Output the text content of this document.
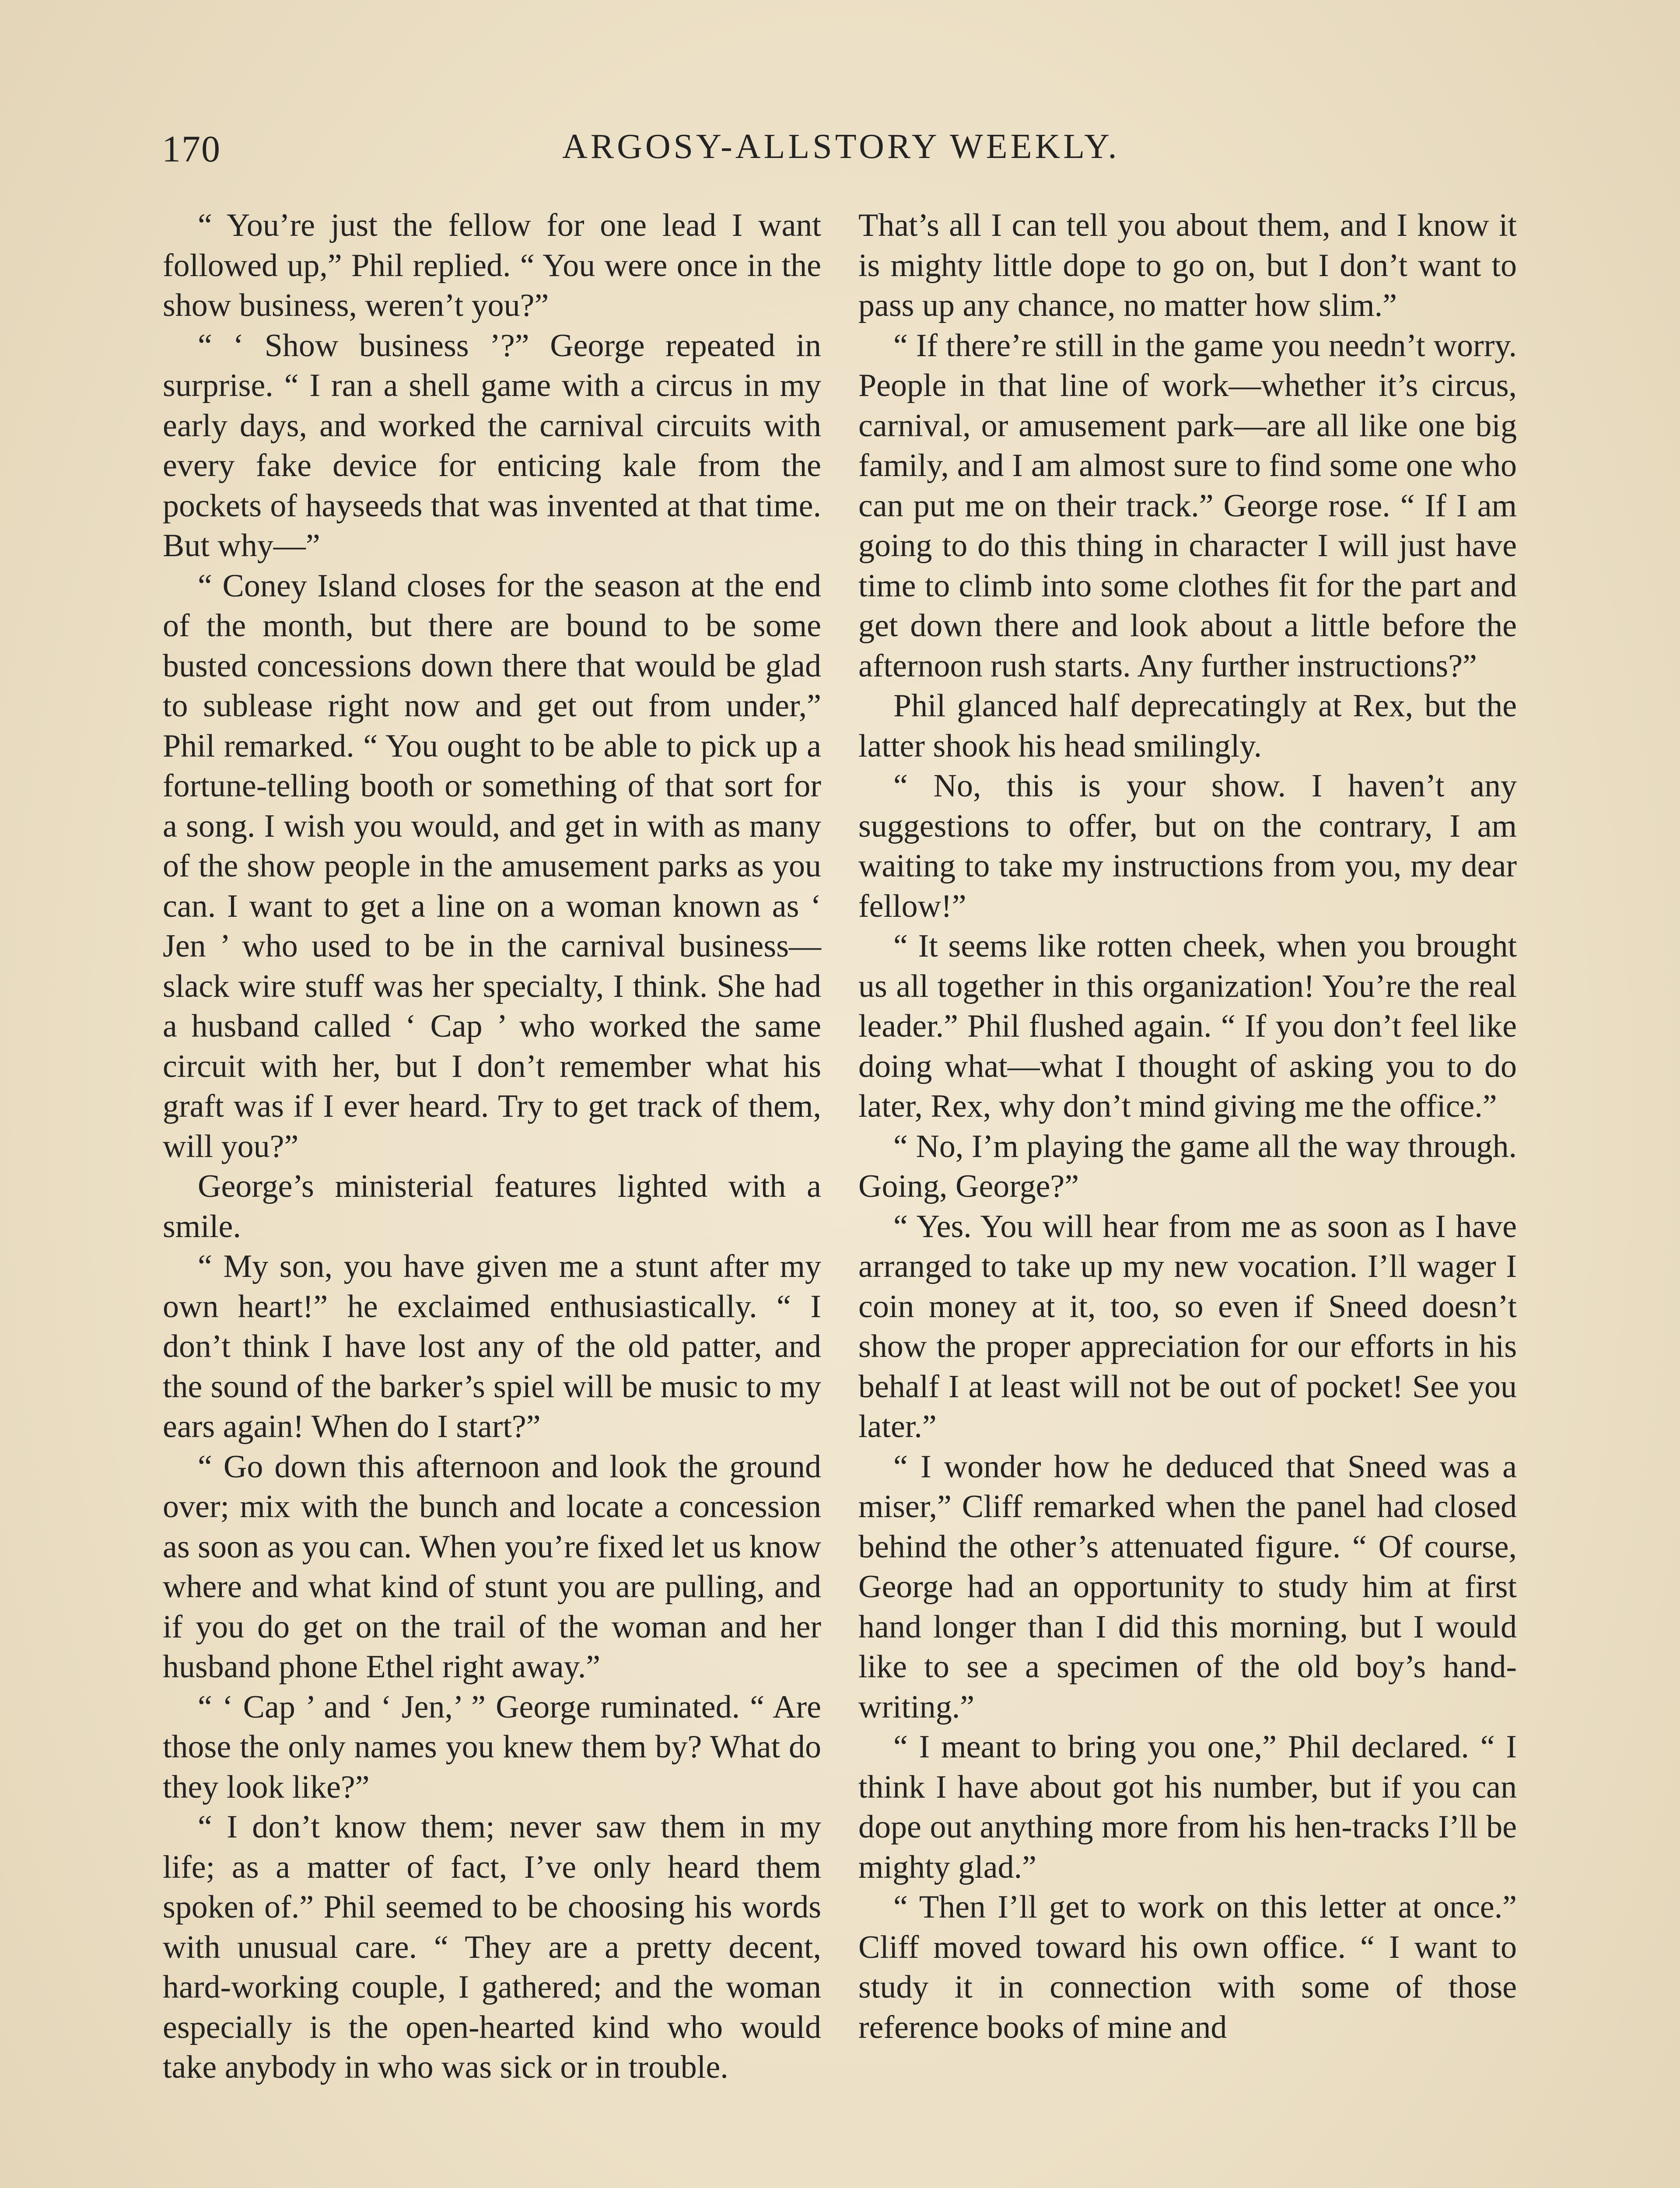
170	ARGOSY-ALLSTORY WEEKLY.

“ You’re just the fellow for one lead I want followed up,” Phil replied. “ You were once in the show business, weren’t you?”

“ ‘ Show business ’?” George repeated in surprise. “ I ran a shell game with a circus in my early days, and worked the carnival circuits with every fake device for enticing kale from the pockets of hayseeds that was invented at that time. But why—”

“ Coney Island closes for the season at the end of the month, but there are bound to be some busted concessions down there that would be glad to sublease right now and get out from under,” Phil remarked. “ You ought to be able to pick up a fortune-telling booth or something of that sort for a song. I wish you would, and get in with as many of the show people in the amusement parks as you can. I want to get a line on a woman known as ‘ Jen ’ who used to be in the carnival business—slack wire stuff was her specialty, I think. She had a husband called ‘ Cap ’ who worked the same circuit with her, but I don’t remember what his graft was if I ever heard. Try to get track of them, will you?”

George’s ministerial features lighted with a smile.

“ My son, you have given me a stunt after my own heart!” he exclaimed enthusiastically. “ I don’t think I have lost any of the old patter, and the sound of the barker’s spiel will be music to my ears again! When do I start?”

“ Go down this afternoon and look the ground over; mix with the bunch and locate a concession as soon as you can. When you’re fixed let us know where and what kind of stunt you are pulling, and if you do get on the trail of the woman and her husband phone Ethel right away.”

“ ‘ Cap ’ and ‘ Jen,’ ” George ruminated. “ Are those the only names you knew them by? What do they look like?”

“ I don’t know them; never saw them in my life; as a matter of fact, I’ve only heard them spoken of.” Phil seemed to be choosing his words with unusual care. “ They are a pretty decent, hard-working couple, I gathered; and the woman especially is the open-hearted kind who would take anybody in who was sick or in trouble.

That’s all I can tell you about them, and I know it is mighty little dope to go on, but I don’t want to pass up any chance, no matter how slim.”

“ If there’re still in the game you needn’t worry. People in that line of work—whether it’s circus, carnival, or amusement park—are all like one big family, and I am almost sure to find some one who can put me on their track.” George rose. “ If I am going to do this thing in character I will just have time to climb into some clothes fit for the part and get down there and look about a little before the afternoon rush starts. Any further instructions?”

Phil glanced half deprecatingly at Rex, but the latter shook his head smilingly.

“ No, this is your show. I haven’t any suggestions to offer, but on the contrary, I am waiting to take my instructions from you, my dear fellow!”

“ It seems like rotten cheek, when you brought us all together in this organization! You’re the real leader.” Phil flushed again. “ If you don’t feel like doing what—what I thought of asking you to do later, Rex, why don’t mind giving me the office.”

“ No, I’m playing the game all the way through. Going, George?”

“ Yes. You will hear from me as soon as I have arranged to take up my new vocation. I’ll wager I coin money at it, too, so even if Sneed doesn’t show the proper appreciation for our efforts in his behalf I at least will not be out of pocket! See you later.”

“ I wonder how he deduced that Sneed was a miser,” Cliff remarked when the panel had closed behind the other’s attenuated figure. “ Of course, George had an opportunity to study him at first hand longer than I did this morning, but I would like to see a specimen of the old boy’s handwriting.”

“ I meant to bring you one,” Phil declared. “ I think I have about got his number, but if you can dope out anything more from his hen-tracks I’ll be mighty glad.”

“ Then I’ll get to work on this letter at once.” Cliff moved toward his own office. “ I want to study it in connection with some of those reference books of mine and
